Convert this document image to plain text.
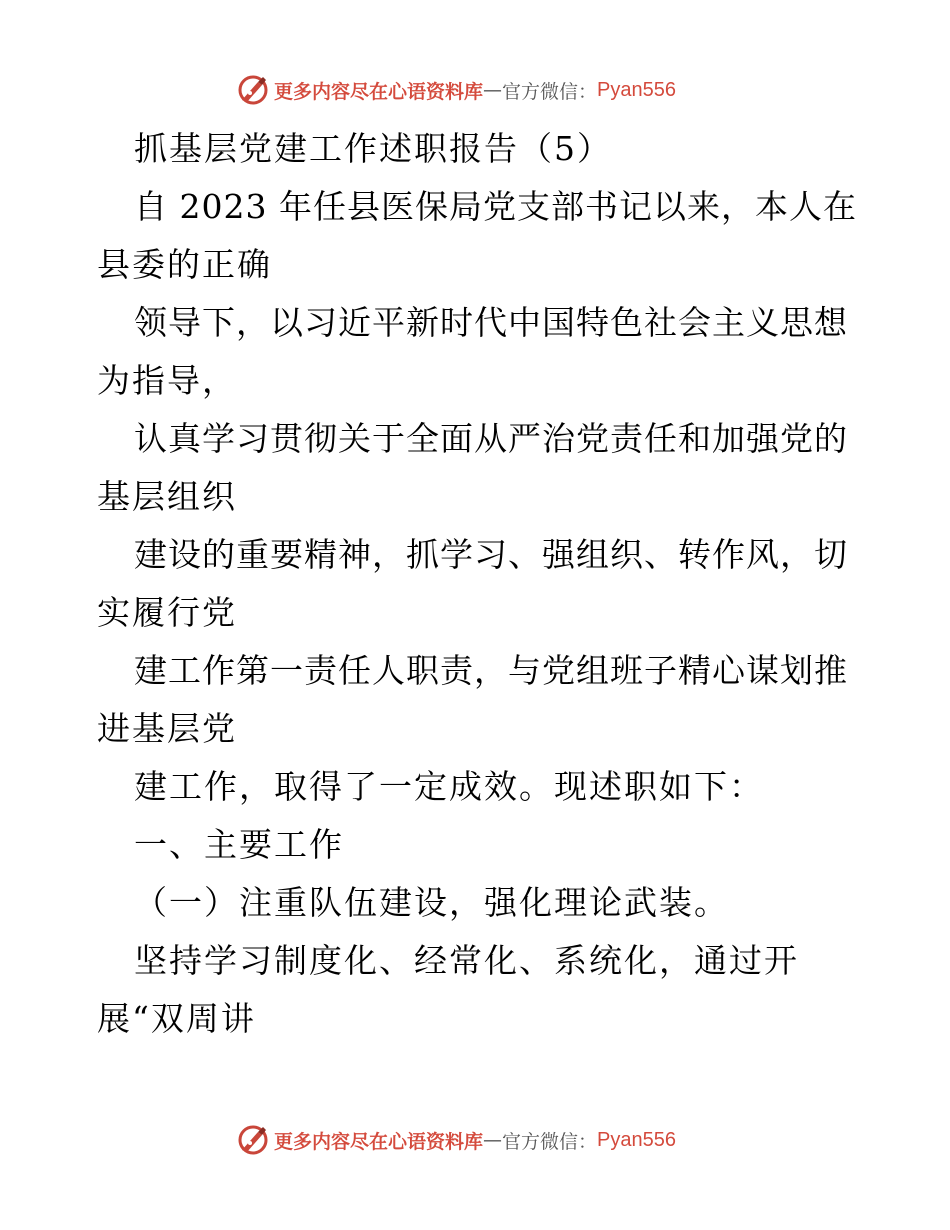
更多内容尽在心语资料库 — 官方微信： Pyan556
抓基层党建工作述职报告（5）
自 2023 年任县医保局党支部书记以来，本人在
县委的正确
领导下，以习近平新时代中国特色社会主义思想
为指导，
认真学习贯彻关于全面从严治党责任和加强党的
基层组织
建设的重要精神，抓学习、强组织、转作风，切
实履行党
建工作第一责任人职责，与党组班子精心谋划推
进基层党
建工作，取得了一定成效。现述职如下：
一、主要工作
（一）注重队伍建设，强化理论武装。
坚持学习制度化、经常化、系统化，通过开
展“双周讲
更多内容尽在心语资料库 — 官方微信： Pyan556
